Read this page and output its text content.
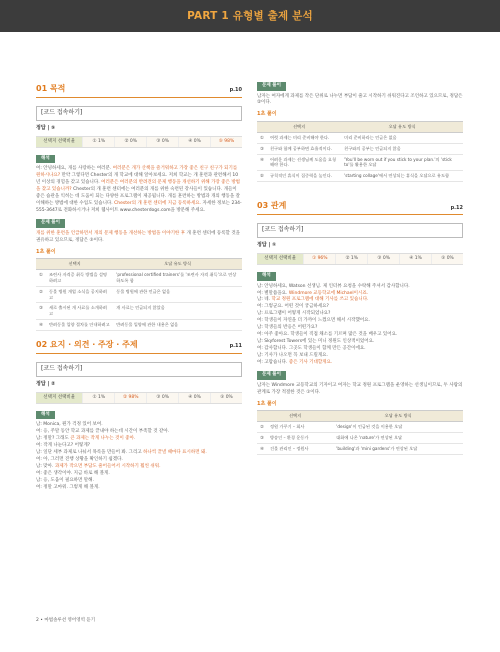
PART 1 유형별 출제 분석
01 목적	p.10
[코드 접속하기]
정답 | ⑤
선택지 선택비율	① 1%	② 0%	③ 0%	④ 0%	⑤ 98%
해석
여: 안녕하세요, 개를 사랑하는 여러분. 여러분은 개가 산책을 즐거워하고 가장 좋은 친구 친구가 되기를 원하시나요? 만약 그렇다면 Chester의 개 학교에 대해 알아보세요. 저희 학교는 개 훈련과 관련해서 10년 이상의 경험을 갖고 있습니다. 여러분은 여러분의 반려견의 문제 행동을 개선하기 위해 가장 좋은 방법을 찾고 있습니까? Chester의 개 훈련 센터에는 여러분의 개를 위한 숙련된 강사들이 있습니다. 개들이 좋은 습관을 익히는 데 도움이 되는 다양한 프로그램이 제공됩니다. 개를 훈련하는 방법과 개의 행동을 잘 이해하는 방법에 대한 수업도 있습니다. Chester의 개 훈련 센터에 지금 등록하세요. 자세한 정보는 234-555-3647로 전화하시거나 저희 웹사이트 www.chesterdogs.com을 방문해 주세요.
문제 풀이
개를 위한 훈련을 언급하면서 개의 문제 행동을 개선하는 방법을 이야기한 후 개 훈련 센터에 등록할 것을 권유하고 있으므로, 정답은 ⑤이다.
1초 풀이
선택지		오답 유도 방식
①	조련사 자격증 취득 방법을 설명하려고	'professional certified trainers'를 '조련사 자격 취득'으로 연상하도록 함
②	동물 병원 개업 소식을 공지하려고	동물 병원에 관한 언급은 없음
③	새로 출시된 개 사료를 소개하려고	개 사료는 언급되지 않았음
④	반려동물 입양 절차를 안내하려고	반려동물 입양에 관한 내용은 없음
02 요지 · 의견 · 주장 · 주제	p.11
[코드 접속하기]
정답 | ②
선택지 선택비율	① 1%	② 98%	③ 0%	④ 0%	⑤ 0%
해석
남: Monica, 뭔가 걱정 있어 보여.
여: 응, 주말 동안 학교 과제를 끝내야 하는데 시간이 부족할 것 같아.
남: 정말? 그래도 큰 과제는 작게 나누는 것이 좋아.
여: 작게 나눈다고? 어떻게?
남: 일단 세부 과제로 나눠서 목록을 만들어 봐. 그리고 하나씩 끝낼 때마다 표시하면 돼.
여: 아, 그러면 진행 상황을 확인하기 쉽겠다.
남: 맞아. 과제가 작으면 부담도 줄어들어서 시작하기 훨씬 쉬워.
여: 좋은 생각이야. 지금 바로 해 볼게.
남: 응, 도움이 필요하면 말해.
여: 정말 고마워. 그렇게 해 볼게.
문제 풀이
남자는 여자에게 과제를 작은 단위로 나누면 부담이 줄고 시작하기 쉬워진다고 조언하고 있으므로, 정답은 ②이다.
1초 풀이
선택지		오답 유도 방식
①	여럿 과제는 미리 준비해야 한다.	미리 준비하라는 언급은 없음
③	친구와 함께 공부하면 효율적이다.	친구와의 공부는 언급되지 않음
④	어려운 과제는 선생님께 도움을 요청해야 한다.	'You'll be worn out if you stick to your plan.'의 'stick to'를 활용한 오답
⑤	규칙적인 휴식이 집중력을 높인다.	'starting collage'에서 연상되는 휴식을 오답으로 유도함
03 관계	p.12
[코드 접속하기]
정답 | ①
선택지 선택비율	① 96%	② 1%	③ 0%	④ 1%	⑤ 0%
해석
남: 안녕하세요, Watson 선생님. 제 인터뷰 요청을 수락해 주셔서 감사합니다.
여: 별말씀을요. Windmore 교등학교에 Michael이시죠.
남: 네. 학교 정원 프로그램에 대해 기사를 쓰고 있습니다.
여: 그렇군요. 어떤 것이 궁금하세요?
남: 프로그램이 어떻게 시작되었나요?
여: 학생들이 자연을 더 가까이 느꼈으면 해서 시작했어요.
남: 학생들의 반응은 어떤가요?
여: 아주 좋아요. 학생들이 직접 채소를 기르며 많은 것을 배우고 있어요.
남: Skyforest Towers에 있는 미니 정원도 인상적이었어요.
여: 감사합니다. 그곳도 학생들이 함께 만든 공간이에요.
남: 기사가 나오면 꼭 보내 드릴게요.
여: 고맙습니다. 좋은 기사 기대할게요.
문제 풀이
남자는 Windmore 교등학교의 기자이고 여자는 학교 정원 프로그램을 운영하는 선생님이므로, 두 사람의 관계로 가장 적절한 것은 ①이다.
1초 풀이
선택지		오답 유도 방식
②	정원 가꾸기 – 회사	'design'이 언급된 것을 이용한 오답
③	방송인 – 환경 운동가	대화에 나온 'nature'가 연상된 오답
④	건물 관리인 – 정원사	'building'과 'mini gardens'가 연상된 오답
2 • 마법솔루션 영어영역 듣기
